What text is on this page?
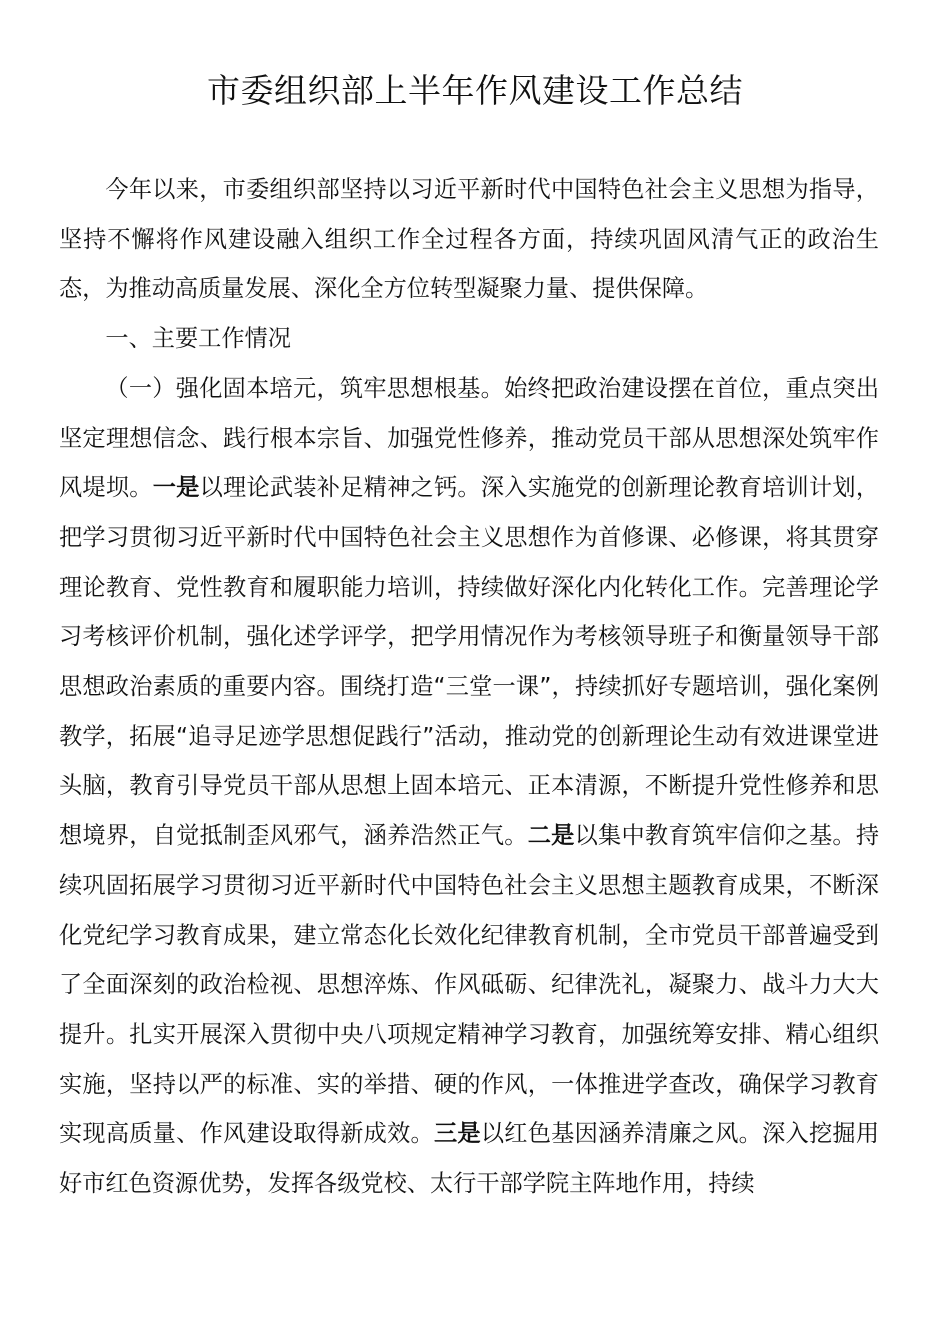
市委组织部上半年作风建设工作总结

今年以来，市委组织部坚持以习近平新时代中国特色社会主义思想为指导，坚持不懈将作风建设融入组织工作全过程各方面，持续巩固风清气正的政治生态，为推动高质量发展、深化全方位转型凝聚力量、提供保障。

一、主要工作情况

（一）强化固本培元，筑牢思想根基。始终把政治建设摆在首位，重点突出坚定理想信念、践行根本宗旨、加强党性修养，推动党员干部从思想深处筑牢作风堤坝。一是以理论武装补足精神之钙。深入实施党的创新理论教育培训计划，把学习贯彻习近平新时代中国特色社会主义思想作为首修课、必修课，将其贯穿理论教育、党性教育和履职能力培训，持续做好深化内化转化工作。完善理论学习考核评价机制，强化述学评学，把学用情况作为考核领导班子和衡量领导干部思想政治素质的重要内容。围绕打造“三堂一课”，持续抓好专题培训，强化案例教学，拓展“追寻足迹学思想促践行”活动，推动党的创新理论生动有效进课堂进头脑，教育引导党员干部从思想上固本培元、正本清源，不断提升党性修养和思想境界，自觉抵制歪风邪气，涵养浩然正气。二是以集中教育筑牢信仰之基。持续巩固拓展学习贯彻习近平新时代中国特色社会主义思想主题教育成果，不断深化党纪学习教育成果，建立常态化长效化纪律教育机制，全市党员干部普遍受到了全面深刻的政治检视、思想淬炼、作风砥砺、纪律洗礼，凝聚力、战斗力大大提升。扎实开展深入贯彻中央八项规定精神学习教育，加强统筹安排、精心组织实施，坚持以严的标准、实的举措、硬的作风，一体推进学查改，确保学习教育实现高质量、作风建设取得新成效。三是以红色基因涵养清廉之风。深入挖掘用好市红色资源优势，发挥各级党校、太行干部学院主阵地作用，持续
